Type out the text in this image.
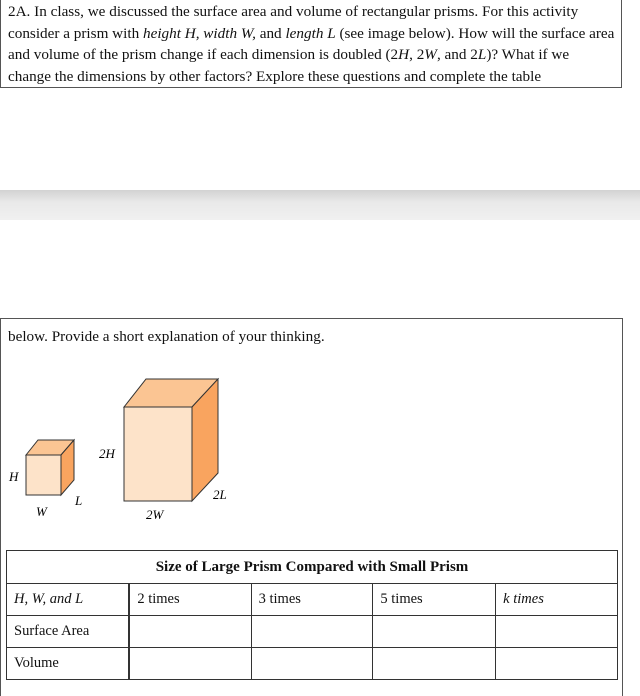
2A. In class, we discussed the surface area and volume of rectangular prisms. For this activity consider a prism with height H, width W, and length L (see image below). How will the surface area and volume of the prism change if each dimension is doubled (2H, 2W, and 2L)? What if we change the dimensions by other factors? Explore these questions and complete the table

below. Provide a short explanation of your thinking.

H
W
L
2H
2W
2L
Size of Large Prism Compared with Small Prism				
H, W, and L	2 times	3 times	5 times	k times
Surface Area				
Volume				
